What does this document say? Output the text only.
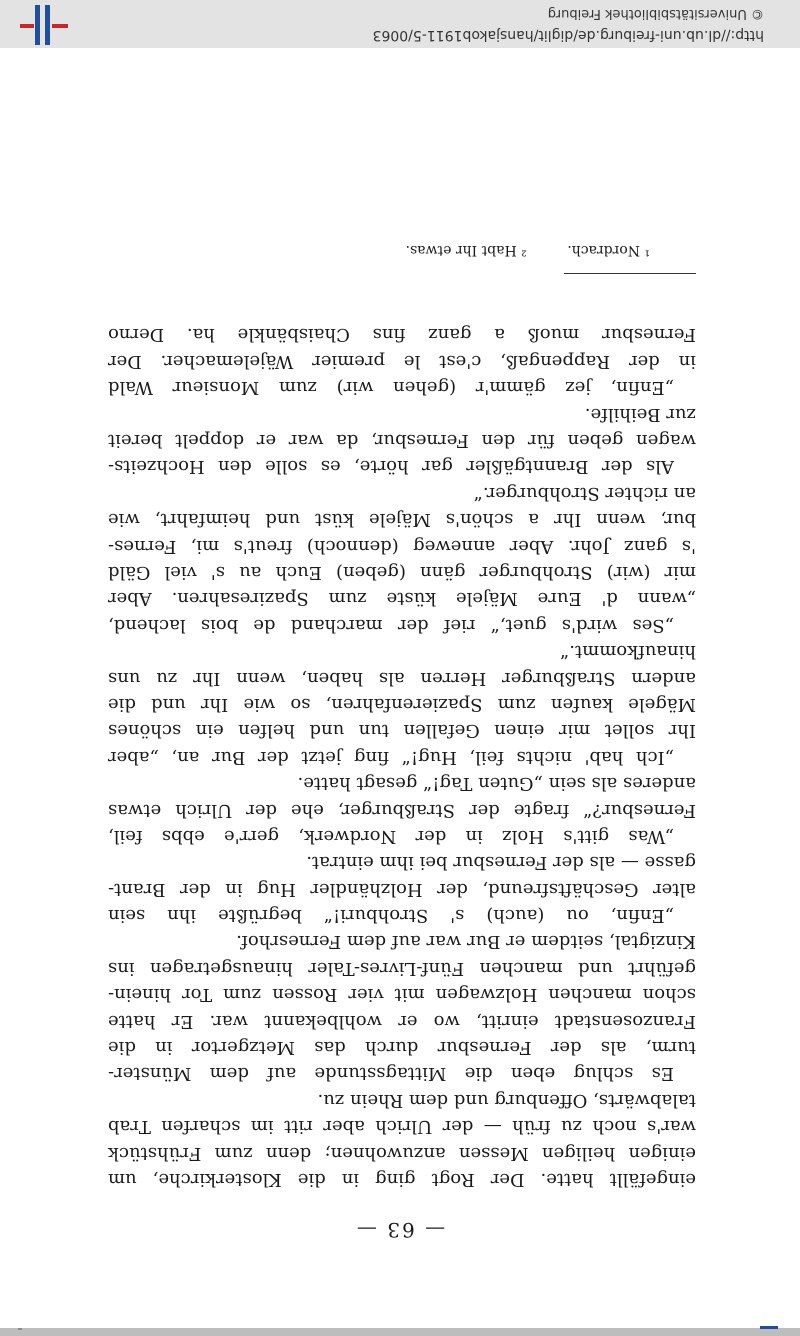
— 63 —
eingefällt hatte. Der Rogt ging in die Klosterkirche, um
einigen heiligen Messen anzuwohnen; denn zum Frühstück
war's noch zu früh — der Ulrich aber ritt im scharfen Trab
talabwärts, Offenburg und dem Rhein zu.
Es schlug eben die Mittagsstunde auf dem Münster-
turm, als der Fernesbur durch das Metzgertor in die
Franzosenstadt einritt, wo er wohlbekannt war. Er hatte
schon manchen Holzwagen mit vier Rossen zum Tor hinein-
geführt und manchen Fünf-Livres-Taler hinausgetragen ins
Kinzigtal, seitdem er Bur war auf dem Fernesrhof.
„Enfin, ou (auch) s' Strohburi!“ begrüßte ihn sein
alter Geschäftsfreund, der Holzhändler Hug in der Brant-
gasse — als der Fernesbur bei ihm eintrat.
„Was gitt's Holz in der Nordwerk, gerr'e ebbs feil,
Fernesbur?“ fragte der Straßburger, ehe der Ulrich etwas
anderes als sein „Guten Tag!“ gesagt hatte.
„Ich hab' nichts feil, Hug!“ fing jetzt der Bur an, „aber
Ihr sollet mir einen Gefallen tun und helfen ein schönes
Mägele kaufen zum Spazierenfahren, so wie Ihr und die
andern Straßburger Herren als haben, wenn Ihr zu uns
hinaufkommt.“
„Ses wird's guet,“ rief der marchand de bois lachend,
„wann d' Eure Mäjele küste zum Spaziresahren. Aber
mir (wir) Strohburger gänn (geben) Euch au s' viel Gäld
's ganz Johr. Aber anneweg (dennoch) freut's mi, Fernes-
bur, wenn Ihr a schön's Mäjele küst und heimfahrt, wie
an richter Strohburger.“
Als der Branntgäßler gar hörte, es solle den Hochzeits-
wagen geben für den Fernesbur, da war er doppelt bereit
zur Beihilfe.
„Enfin, jez gämm'r (gehen wir) zum Monsieur Wald
in der Rappengaß, c'est le premier Wäjelemacher. Der
Fernesbur muoß a ganz fins Chaisbänkle ha. Derno
¹ Nordrach. ² Habt Ihr etwas.
http://dl.ub.uni-freiburg.de/diglit/hansjakob1911-5/0063
© Universitätsbibliothek Freiburg
